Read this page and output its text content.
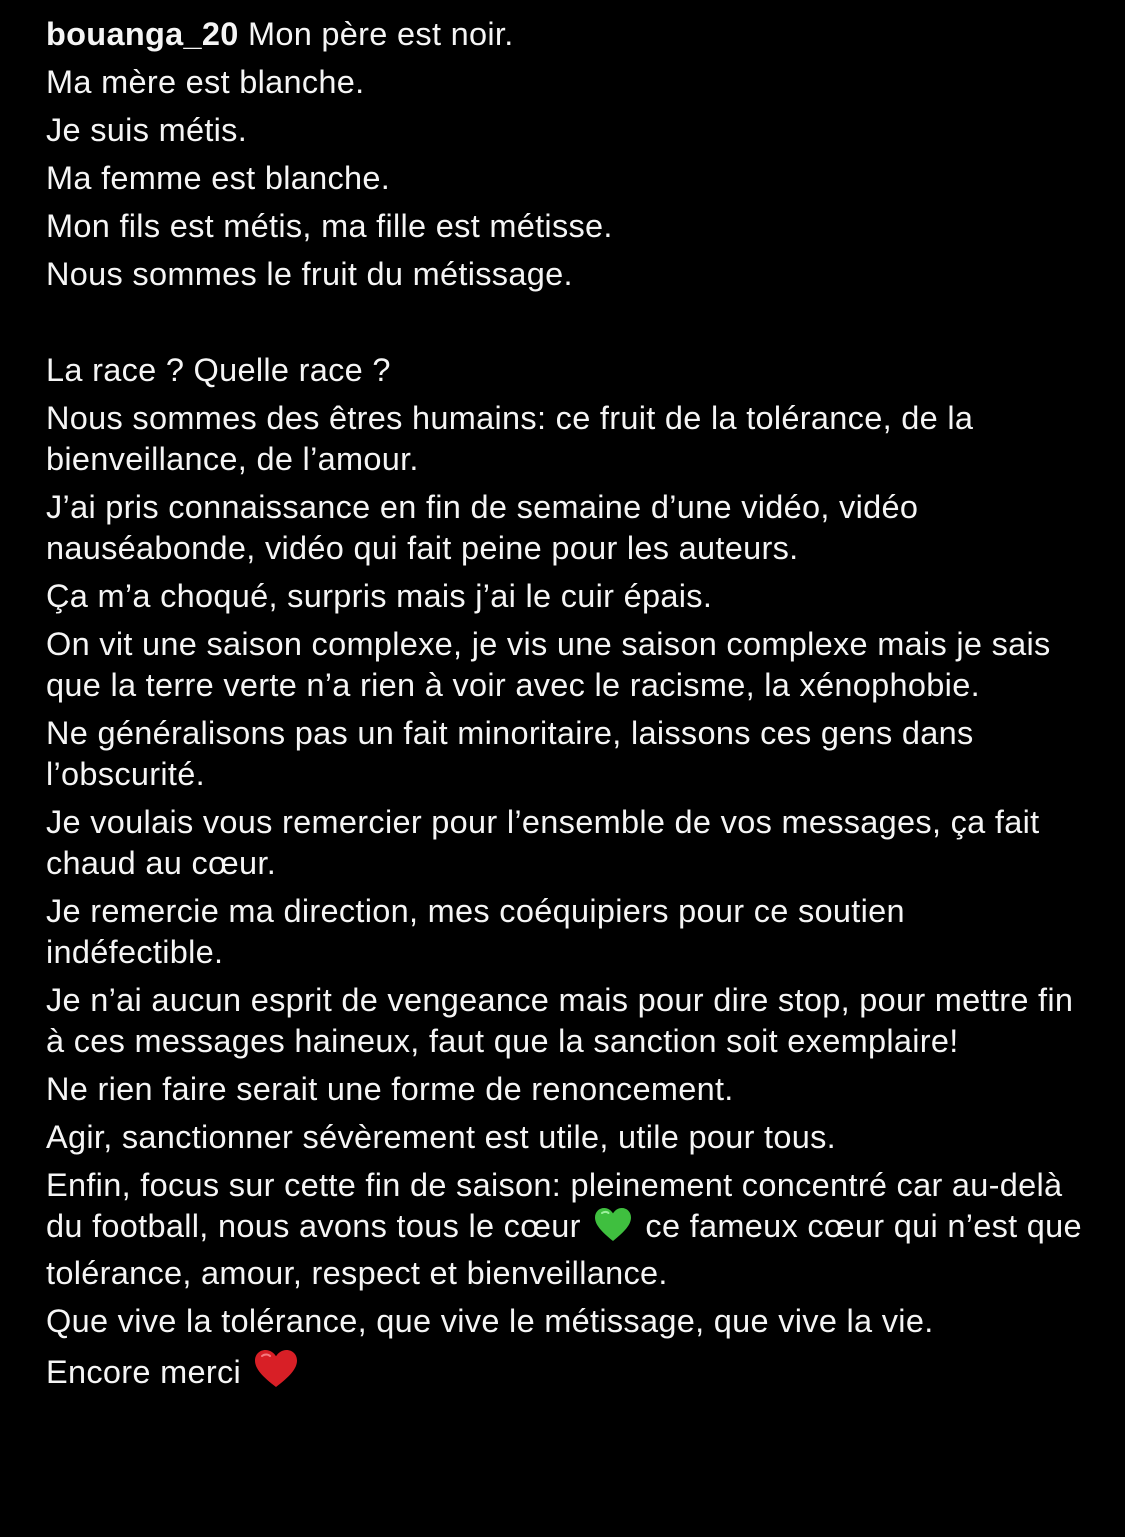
bouanga_20 Mon père est noir.
Ma mère est blanche.
Je suis métis.
Ma femme est blanche.
Mon fils est métis, ma fille est métisse.
Nous sommes le fruit du métissage.
La race ? Quelle race ?
Nous sommes des êtres humains: ce fruit de la tolérance, de la bienveillance, de l’amour.
J’ai pris connaissance en fin de semaine d’une vidéo, vidéo nauséabonde, vidéo qui fait peine pour les auteurs.
Ça m’a choqué, surpris mais j’ai le cuir épais.
On vit une saison complexe, je vis une saison complexe mais je sais que la terre verte n’a rien à voir avec le racisme, la xénophobie.
Ne généralisons pas un fait minoritaire, laissons ces gens dans l’obscurité.
Je voulais vous remercier pour l’ensemble de vos messages, ça fait chaud au cœur.
Je remercie ma direction, mes coéquipiers pour ce soutien indéfectible.
Je n’ai aucun esprit de vengeance mais pour dire stop, pour mettre fin à ces messages haineux, faut que la sanction soit exemplaire!
Ne rien faire serait une forme de renoncement.
Agir, sanctionner sévèrement est utile, utile pour tous.
Enfin, focus sur cette fin de saison: pleinement concentré car au-delà du football, nous avons tous le cœur ce fameux cœur qui n’est que tolérance, amour, respect et bienveillance.
Que vive la tolérance, que vive le métissage, que vive la vie.
Encore merci
